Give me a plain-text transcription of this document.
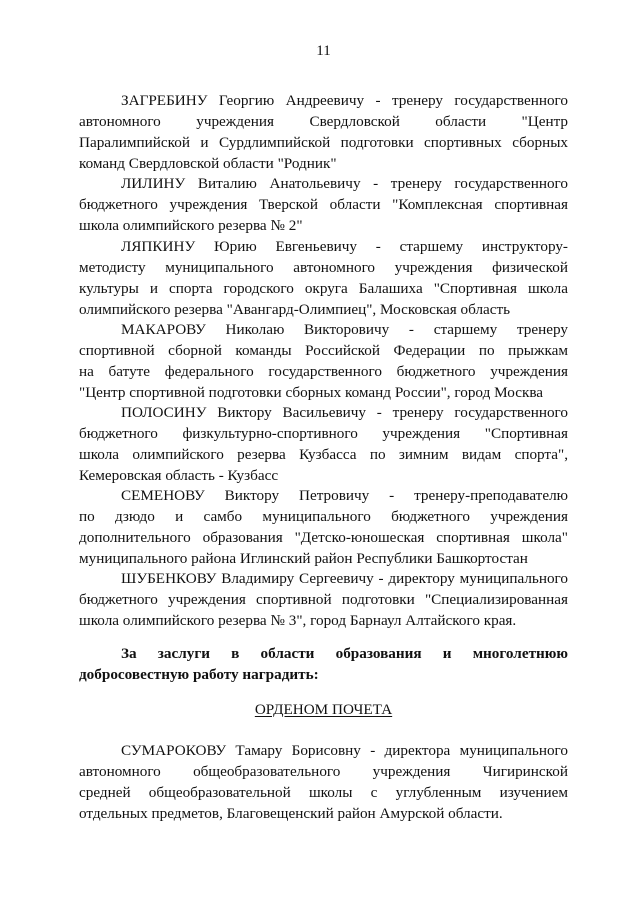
11
ЗАГРЕБИНУ Георгию Андреевичу - тренеру государственного
автономного учреждения Свердловской области "Центр
Паралимпийской и Сурдлимпийской подготовки спортивных сборных
команд Свердловской области "Родник"
ЛИЛИНУ Виталию Анатольевичу - тренеру государственного
бюджетного учреждения Тверской области "Комплексная спортивная
школа олимпийского резерва № 2"
ЛЯПКИНУ Юрию Евгеньевичу - старшему инструктору-
методисту муниципального автономного учреждения физической
культуры и спорта городского округа Балашиха "Спортивная школа
олимпийского резерва "Авангард-Олимпиец", Московская область
МАКАРОВУ Николаю Викторовичу - старшему тренеру
спортивной сборной команды Российской Федерации по прыжкам
на батуте федерального государственного бюджетного учреждения
"Центр спортивной подготовки сборных команд России", город Москва
ПОЛОСИНУ Виктору Васильевичу - тренеру государственного
бюджетного физкультурно-спортивного учреждения "Спортивная
школа олимпийского резерва Кузбасса по зимним видам спорта",
Кемеровская область - Кузбасс
СЕМЕНОВУ Виктору Петровичу - тренеру-преподавателю
по дзюдо и самбо муниципального бюджетного учреждения
дополнительного образования "Детско-юношеская спортивная школа"
муниципального района Иглинский район Республики Башкортостан
ШУБЕНКОВУ Владимиру Сергеевичу - директору муниципального
бюджетного учреждения спортивной подготовки "Специализированная
школа олимпийского резерва № 3", город Барнаул Алтайского края.
За заслуги в области образования и многолетнюю
добросовестную работу наградить:
ОРДЕНОМ ПОЧЕТА
СУМАРОКОВУ Тамару Борисовну - директора муниципального
автономного общеобразовательного учреждения Чигиринской
средней общеобразовательной школы с углубленным изучением
отдельных предметов, Благовещенский район Амурской области.
